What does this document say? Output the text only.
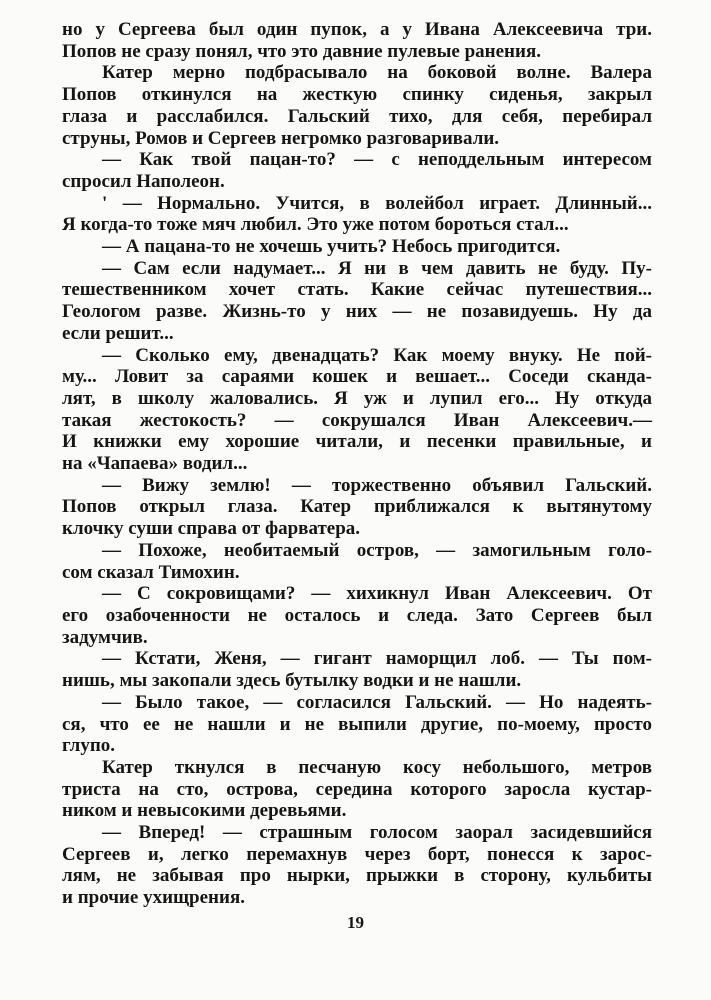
но у Сергеева был один пупок, а у Ивана Алексеевича три.
Попов не сразу понял, что это давние пулевые ранения.
Катер мерно подбрасывало на боковой волне. Валера
Попов откинулся на жесткую спинку сиденья, закрыл
глаза и расслабился. Гальский тихо, для себя, перебирал
струны, Ромов и Сергеев негромко разговаривали.
— Как твой пацан-то? — с неподдельным интересом
спросил Наполеон.
' — Нормально. Учится, в волейбол играет. Длинный...
Я когда-то тоже мяч любил. Это уже потом бороться стал...
— А пацана-то не хочешь учить? Небось пригодится.
— Сам если надумает... Я ни в чем давить не буду. Пу-
тешественником хочет стать. Какие сейчас путешествия...
Геологом разве. Жизнь-то у них — не позавидуешь. Ну да
если решит...
— Сколько ему, двенадцать? Как моему внуку. Не пой-
му... Ловит за сараями кошек и вешает... Соседи сканда-
лят, в школу жаловались. Я уж и лупил его... Ну откуда
такая жестокость? — сокрушался Иван Алексеевич.—
И книжки ему хорошие читали, и песенки правильные, и
на «Чапаева» водил...
— Вижу землю! — торжественно объявил Гальский.
Попов открыл глаза. Катер приближался к вытянутому
клочку суши справа от фарватера.
— Похоже, необитаемый остров, — замогильным голо-
сом сказал Тимохин.
— С сокровищами? — хихикнул Иван Алексеевич. От
его озабоченности не осталось и следа. Зато Сергеев был
задумчив.
— Кстати, Женя, — гигант наморщил лоб. — Ты пом-
нишь, мы закопали здесь бутылку водки и не нашли.
— Было такое, — согласился Гальский. — Но надеять-
ся, что ее не нашли и не выпили другие, по-моему, просто
глупо.
Катер ткнулся в песчаную косу небольшого, метров
триста на сто, острова, середина которого заросла кустар-
ником и невысокими деревьями.
— Вперед! — страшным голосом заорал засидевшийся
Сергеев и, легко перемахнув через борт, понесся к зарос-
лям, не забывая про нырки, прыжки в сторону, кульбиты
и прочие ухищрения.
19
